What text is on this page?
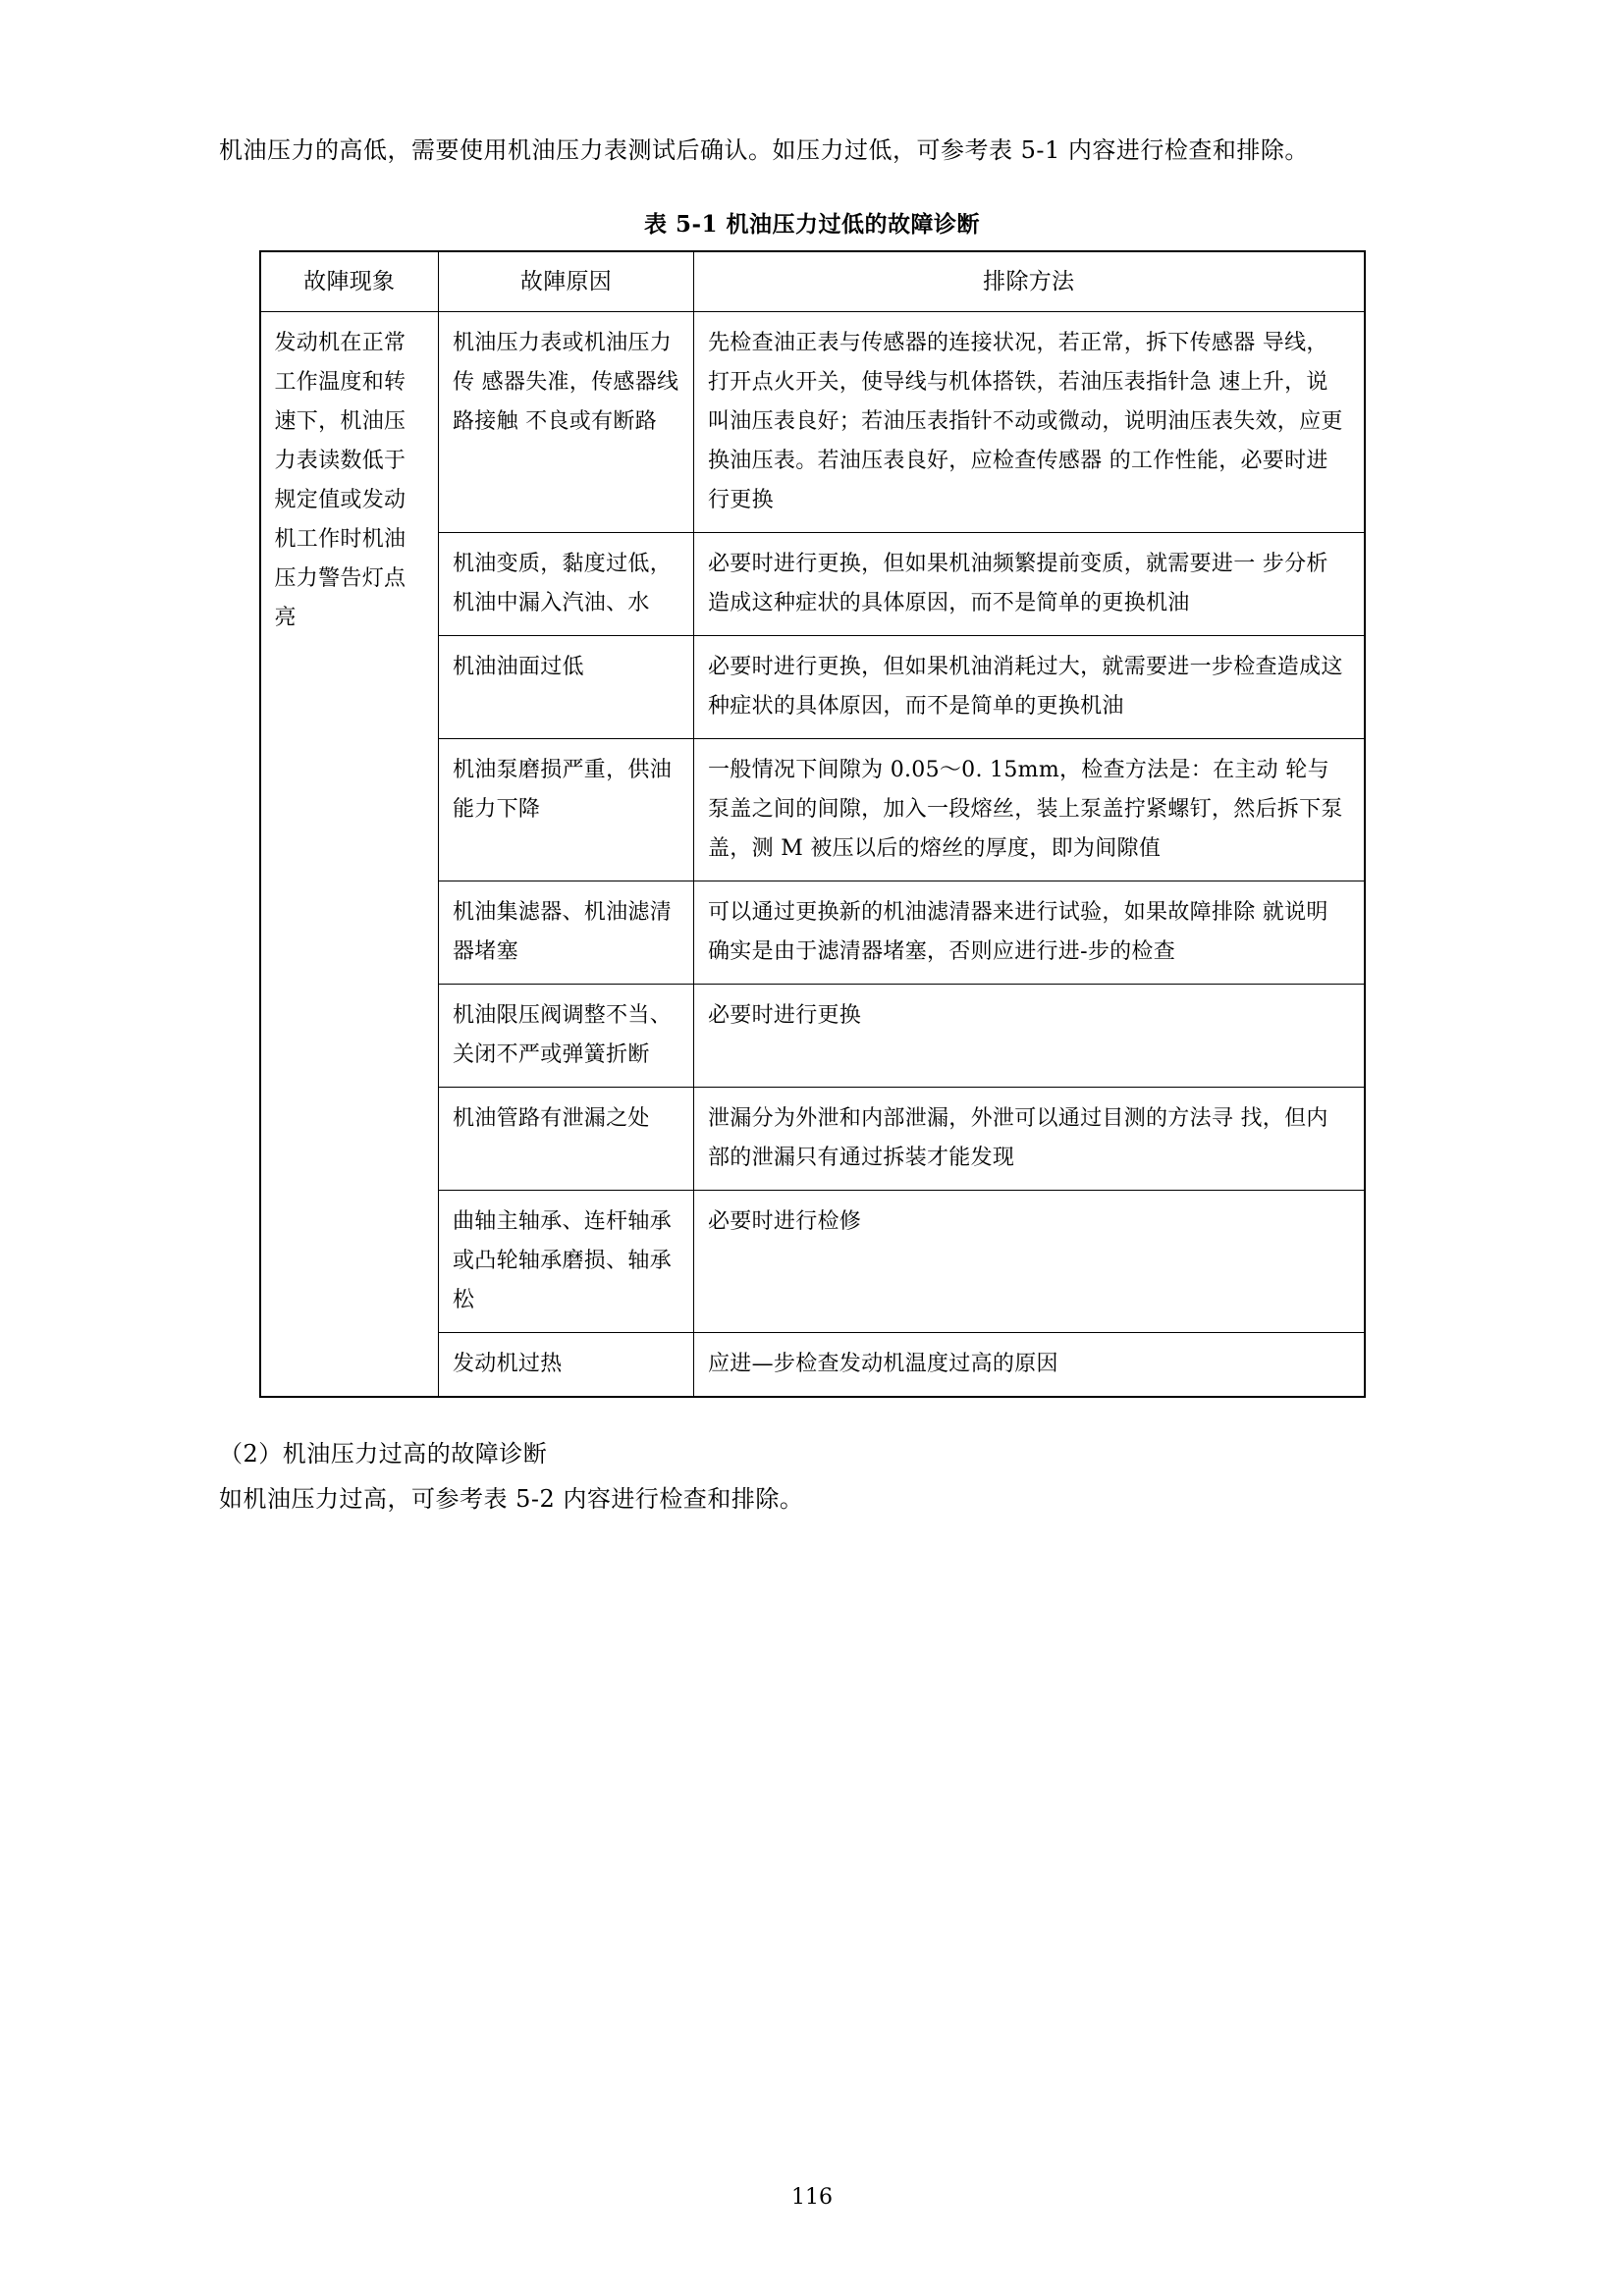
机油压力的高低，需要使用机油压力表测试后确认。如压力过低，可参考表 5-1 内容进行检查和排除。

表 5-1 机油压力过低的故障诊断
故陣现象	故陣原因	排除方法
发动机在正常工作温度和转速下，机油压力表读数低于规定值或发动机工作时机油压力警告灯点亮	机油压力表或机油压力传 感器失准，传感器线路接触 不良或有断路	先检查油正表与传感器的连接状况，若正常，拆下传感器 导线，打开点火开关，使导线与机体搭铁，若油压表指针急 速上升，说叫油压表良好；若油压表指针不动或微动，说明油压表失效，应更换油压表。若油压表良好，应检查传感器 的工作性能，必要时进行更换
	机油变质，黏度过低，机油中漏入汽油、水	必要时进行更换，但如果机油频繁提前变质，就需要进一 步分析造成这种症状的具体原因，而不是简单的更换机油
	机油油面过低	必要时进行更换，但如果机油消耗过大，就需要进一步检查造成这种症状的具体原因，而不是简单的更换机油
	机油泵磨损严重，供油能力下降	一般情况下间隙为 0.05〜0. 15mm，检查方法是：在主动 轮与泵盖之间的间隙，加入一段熔丝，装上泵盖拧紧螺钉，然后拆下泵盖，测 M 被压以后的熔丝的厚度，即为间隙值
	机油集滤器、机油滤清器堵塞	可以通过更换新的机油滤清器来进行试验，如果故障排除 就说明确实是由于滤清器堵塞，否则应进行进-步的检查
	机油限压阀调整不当、关闭不严或弹簧折断	必要时进行更换
	机油管路有泄漏之处	泄漏分为外泄和内部泄漏，外泄可以通过目测的方法寻 找，但内部的泄漏只有通过拆装才能发现
	曲轴主轴承、连杆轴承或凸轮轴承磨损、轴承松	必要时进行检修
	发动机过热	应进—步检查发动机温度过高的原因
（2）机油压力过高的故障诊断
如机油压力过高，可参考表 5-2 内容进行检查和排除。
116
